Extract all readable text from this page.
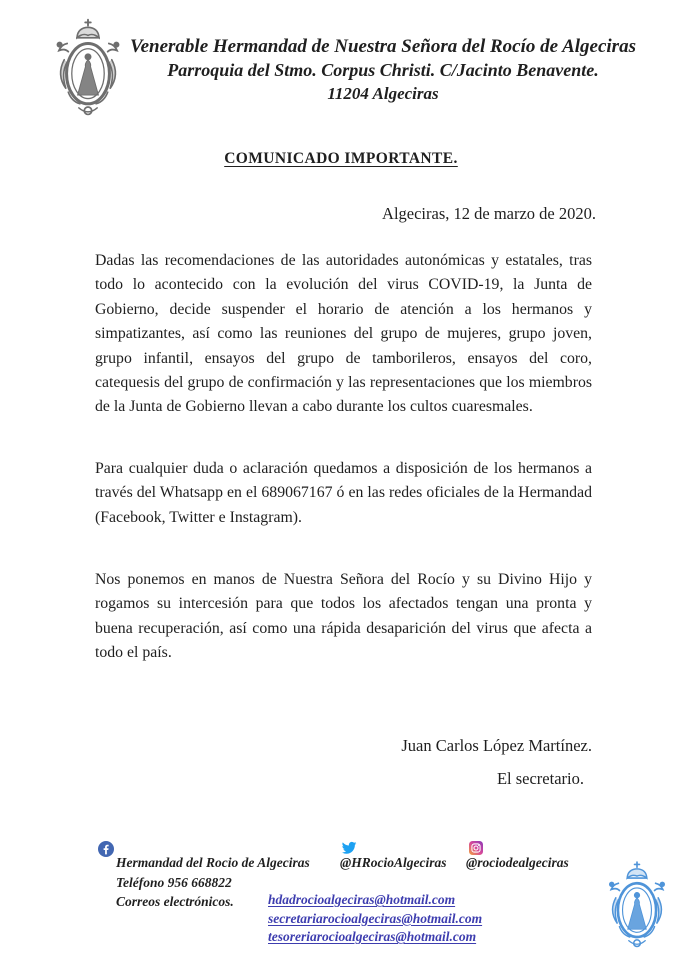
Venerable Hermandad de Nuestra Señora del Rocío de Algeciras
Parroquia del Stmo. Corpus Christi. C/Jacinto Benavente.
11204 Algeciras
COMUNICADO IMPORTANTE.
Algeciras, 12 de marzo de 2020.

Dadas las recomendaciones de las autoridades autonómicas y estatales, tras todo lo acontecido con la evolución del virus COVID-19, la Junta de Gobierno, decide suspender el horario de atención a los hermanos y simpatizantes, así como las reuniones del grupo de mujeres, grupo joven, grupo infantil, ensayos del grupo de tamborileros, ensayos del coro, catequesis del grupo de confirmación y las representaciones que los miembros de la Junta de Gobierno llevan a cabo durante los cultos cuaresmales.

Para cualquier duda o aclaración quedamos a disposición de los hermanos a través del Whatsapp en el 689067167 ó en las redes oficiales de la Hermandad (Facebook, Twitter e Instagram).

Nos ponemos en manos de Nuestra Señora del Rocío y su Divino Hijo y rogamos su intercesión para que todos los afectados tengan una pronta y buena recuperación, así como una rápida desaparición del virus que afecta a todo el país.

Juan Carlos López Martínez.
El secretario.
Hermandad del Rocio de Algeciras @HRocioAlgeciras @rociodealgeciras
Teléfono 956 668822
Correos electrónicos.	hdadrocioalgeciras@hotmail.com
secretariarocioalgeciras@hotmail.com
tesoreriarocioalgeciras@hotmail.com
